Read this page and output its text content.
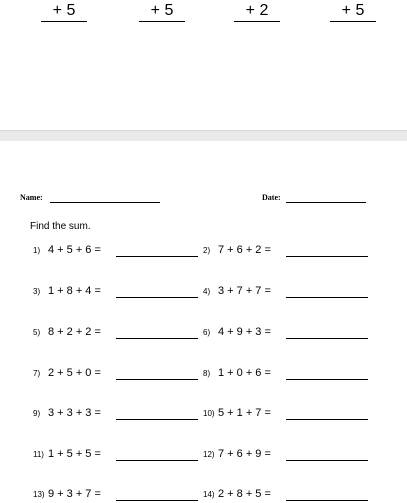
+ 5	+ 5	+ 2	+ 5
Name:	Date:
Find the sum.
1) 4 + 5 + 6 =	2) 7 + 6 + 2 =
3) 1 + 8 + 4 =	4) 3 + 7 + 7 =
5) 8 + 2 + 2 =	6) 4 + 9 + 3 =
7) 2 + 5 + 0 =	8) 1 + 0 + 6 =
9) 3 + 3 + 3 =	10) 5 + 1 + 7 =
11) 1 + 5 + 5 =	12) 7 + 6 + 9 =
13) 9 + 3 + 7 =	14) 2 + 8 + 5 =
